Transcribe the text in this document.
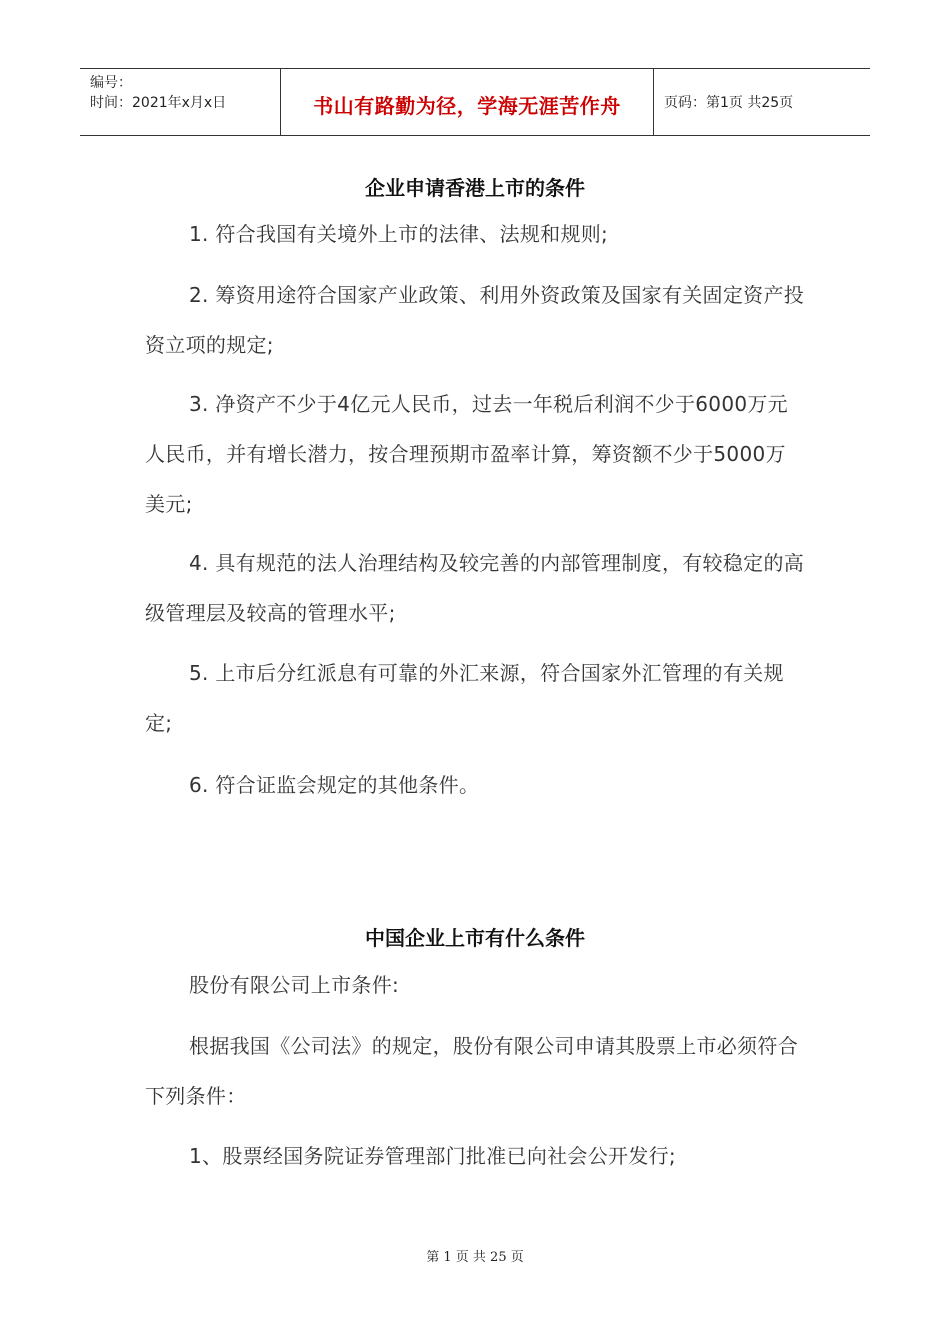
编号：
时间：2021年x月x日	书山有路勤为径，学海无涯苦作舟	页码：第1页 共25页
企业申请香港上市的条件
1. 符合我国有关境外上市的法律、法规和规则;
2. 筹资用途符合国家产业政策、利用外资政策及国家有关固定资产投资立项的规定;
3. 净资产不少于4亿元人民币，过去一年税后利润不少于6000万元人民币，并有增长潜力，按合理预期市盈率计算，筹资额不少于5000万美元;
4. 具有规范的法人治理结构及较完善的内部管理制度，有较稳定的高级管理层及较高的管理水平;
5. 上市后分红派息有可靠的外汇来源，符合国家外汇管理的有关规定;
6. 符合证监会规定的其他条件。
中国企业上市有什么条件
股份有限公司上市条件:
根据我国《公司法》的规定，股份有限公司申请其股票上市必须符合下列条件：
1、股票经国务院证券管理部门批准已向社会公开发行;
第 1 页 共 25 页
